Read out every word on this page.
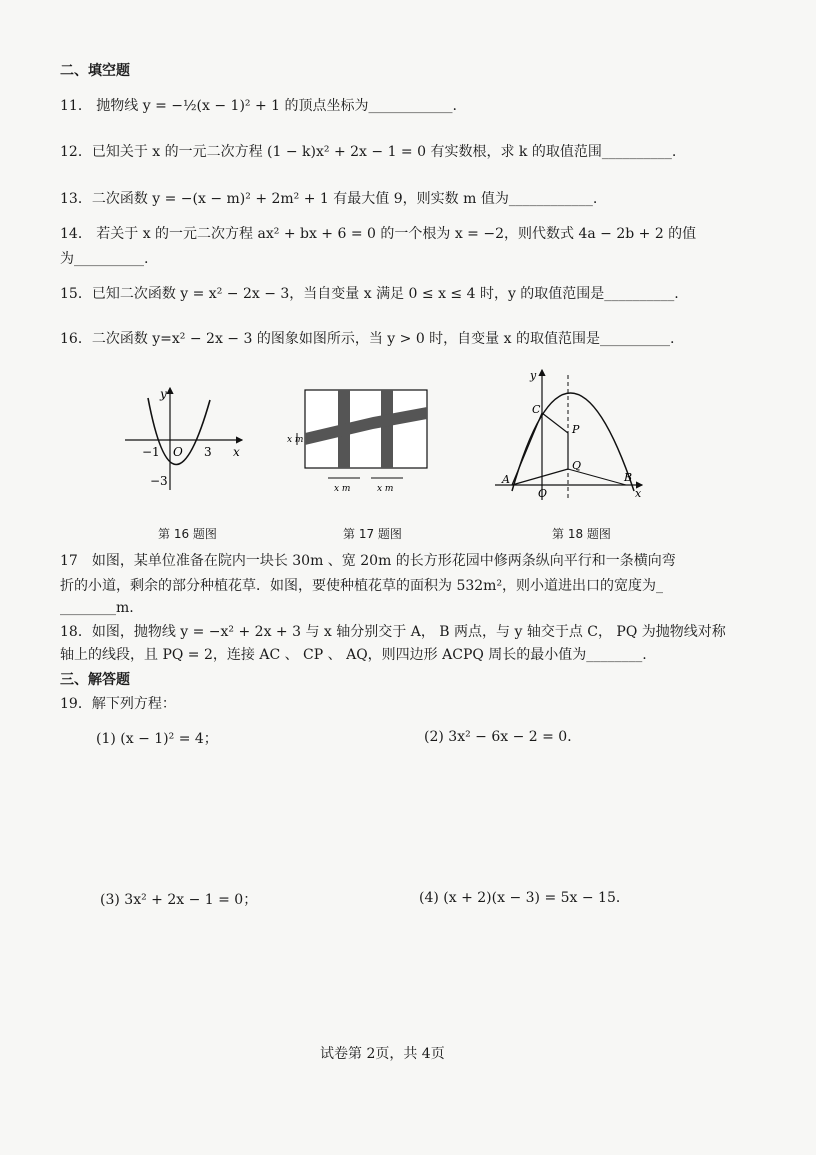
二、填空题
11． 抛物线 y = −½(x − 1)² + 1 的顶点坐标为____________.
12．已知关于 x 的一元二次方程 (1 − k)x² + 2x − 1 = 0 有实数根，求 k 的取值范围__________.
13．二次函数 y = −(x − m)² + 2m² + 1 有最大值 9，则实数 m 值为____________.
14． 若关于 x 的一元二次方程 ax² + bx + 6 = 0 的一个根为 x = −2，则代数式 4a − 2b + 2 的值
为__________.
15．已知二次函数 y = x² − 2x − 3，当自变量 x 满足 0 ≤ x ≤ 4 时，y 的取值范围是__________.
16．二次函数 y=x² − 2x − 3 的图象如图所示，当 y > 0 时，自变量 x 的取值范围是__________.
y
x
O
−1	3
−3
第 16 题图
x m
x m	x m
第 17 题图
y
x
O
A	B
C
P
Q
第 18 题图
17　如图，某单位准备在院内一块长 30m 、宽 20m 的长方形花园中修两条纵向平行和一条横向弯
折的小道，剩余的部分种植花草．如图，要使种植花草的面积为 532m²，则小道进出口的宽度为_
________m.
18．如图，抛物线 y = −x² + 2x + 3 与 x 轴分别交于 A， B 两点，与 y 轴交于点 C， PQ 为抛物线对称
轴上的线段，且 PQ = 2，连接 AC 、 CP 、 AQ，则四边形 ACPQ 周长的最小值为________.
三、解答题
19．解下列方程：
(1) (x − 1)² = 4；	(2) 3x² − 6x − 2 = 0．
(3) 3x² + 2x − 1 = 0；	(4) (x + 2)(x − 3) = 5x − 15．
试卷第 2页，共 4页
